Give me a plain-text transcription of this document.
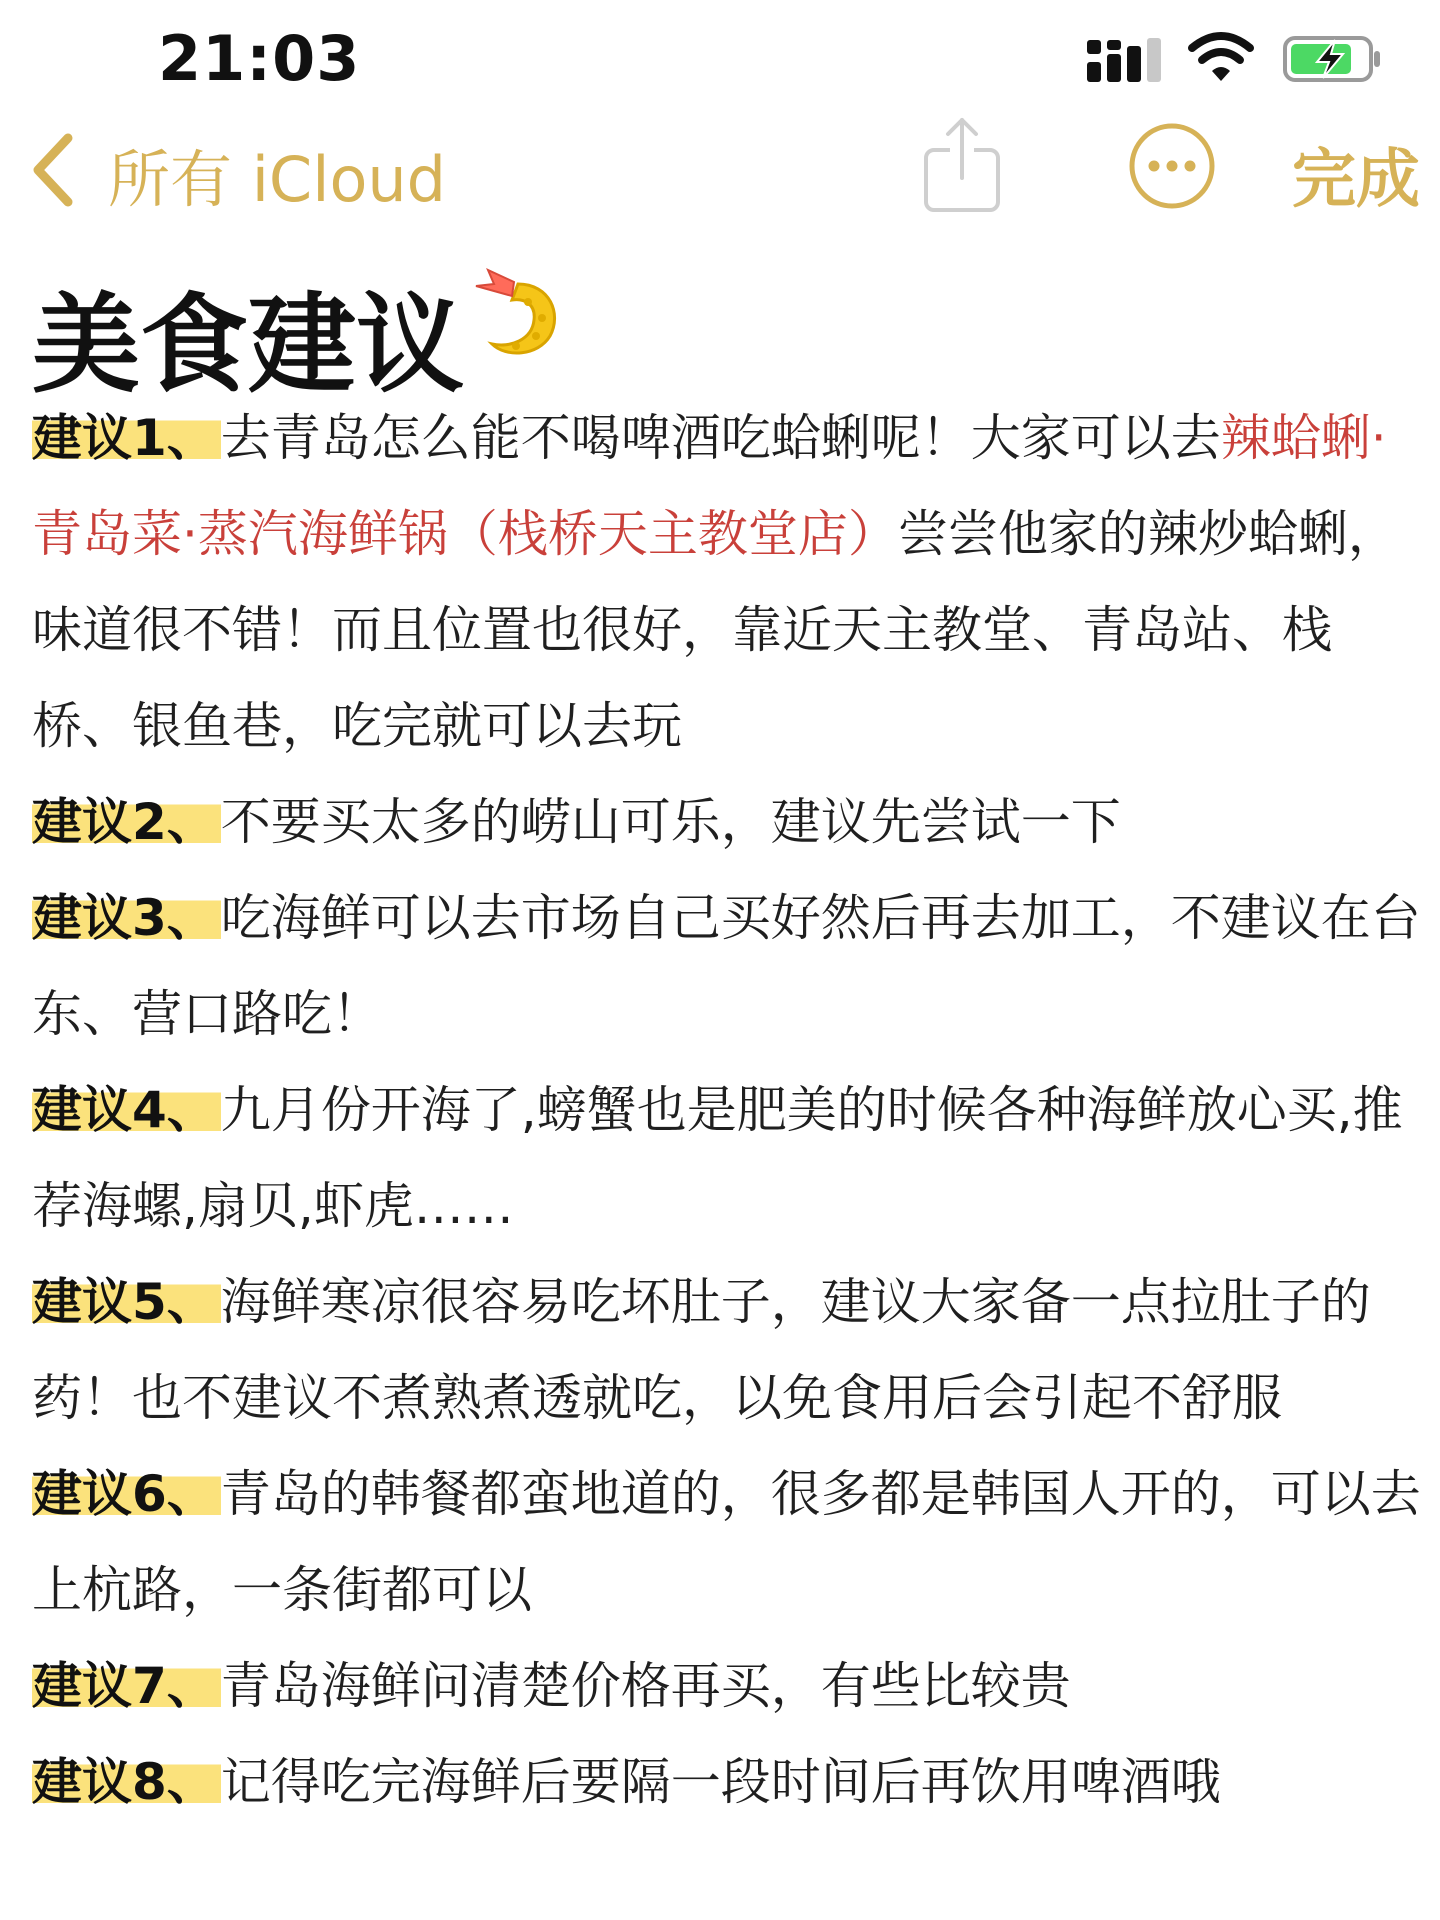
21:03
所有 iCloud	完成
美食建议

建议1、去青岛怎么能不喝啤酒吃蛤蜊呢！大家可以去辣蛤蜊·青岛菜·蒸汽海鲜锅（栈桥天主教堂店）尝尝他家的辣炒蛤蜊，味道很不错！而且位置也很好，靠近天主教堂、青岛站、栈桥、银鱼巷，吃完就可以去玩

建议2、不要买太多的崂山可乐，建议先尝试一下

建议3、吃海鲜可以去市场自己买好然后再去加工，不建议在台东、营口路吃！

建议4、九月份开海了,螃蟹也是肥美的时候各种海鲜放心买,推荐海螺,扇贝,虾虎……

建议5、海鲜寒凉很容易吃坏肚子，建议大家备一点拉肚子的药！也不建议不煮熟煮透就吃，以免食用后会引起不舒服

建议6、青岛的韩餐都蛮地道的，很多都是韩国人开的，可以去上杭路，一条街都可以

建议7、青岛海鲜问清楚价格再买，有些比较贵

建议8、记得吃完海鲜后要隔一段时间后再饮用啤酒哦
